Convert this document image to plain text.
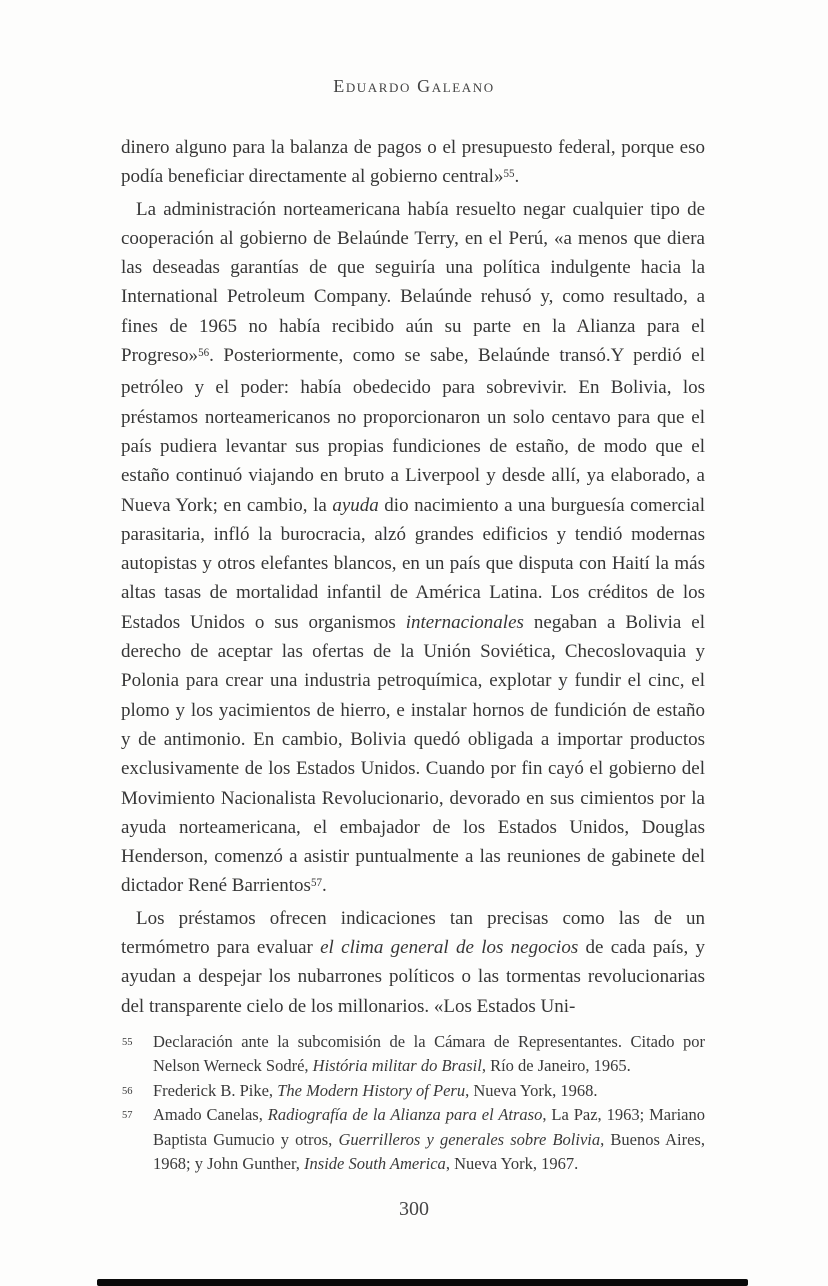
Eduardo Galeano

dinero alguno para la balanza de pagos o el presupuesto federal, porque eso podía beneficiar directamente al gobierno central»$^{55}$.

La administración norteamericana había resuelto negar cualquier tipo de cooperación al gobierno de Belaúnde Terry, en el Perú, «a menos que diera las deseadas garantías de que seguiría una política indulgente hacia la International Petroleum Company. Belaúnde rehusó y, como resultado, a fines de 1965 no había recibido aún su parte en la Alianza para el Progreso»$^{56}$. Posteriormente, como se sabe, Belaúnde transó.Y perdió el petróleo y el poder: había obedecido para sobrevivir. En Bolivia, los préstamos norteamericanos no proporcionaron un solo centavo para que el país pudiera levantar sus propias fundiciones de estaño, de modo que el estaño continuó viajando en bruto a Liverpool y desde allí, ya elaborado, a Nueva York; en cambio, la ayuda dio nacimiento a una burguesía comercial parasitaria, infló la burocracia, alzó grandes edificios y tendió modernas autopistas y otros elefantes blancos, en un país que disputa con Haití la más altas tasas de mortalidad infantil de América Latina. Los créditos de los Estados Unidos o sus organismos internacionales negaban a Bolivia el derecho de aceptar las ofertas de la Unión Soviética, Checoslovaquia y Polonia para crear una industria petroquímica, explotar y fundir el cinc, el plomo y los yacimientos de hierro, e instalar hornos de fundición de estaño y de antimonio. En cambio, Bolivia quedó obligada a importar productos exclusivamente de los Estados Unidos. Cuando por fin cayó el gobierno del Movimiento Nacionalista Revolucionario, devorado en sus cimientos por la ayuda norteamericana, el embajador de los Estados Unidos, Douglas Henderson, comenzó a asistir puntualmente a las reuniones de gabinete del dictador René Barrientos$^{57}$.

Los préstamos ofrecen indicaciones tan precisas como las de un termómetro para evaluar el clima general de los negocios de cada país, y ayudan a despejar los nubarrones políticos o las tormentas revolucionarias del transparente cielo de los millonarios. «Los Estados Uni-

55 Declaración ante la subcomisión de la Cámara de Representantes. Citado por Nelson Werneck Sodré, História militar do Brasil, Río de Janeiro, 1965.
56 Frederick B. Pike, The Modern History of Peru, Nueva York, 1968.
57 Amado Canelas, Radiografía de la Alianza para el Atraso, La Paz, 1963; Mariano Baptista Gumucio y otros, Guerrilleros y generales sobre Bolivia, Buenos Aires, 1968; y John Gunther, Inside South America, Nueva York, 1967.
300
